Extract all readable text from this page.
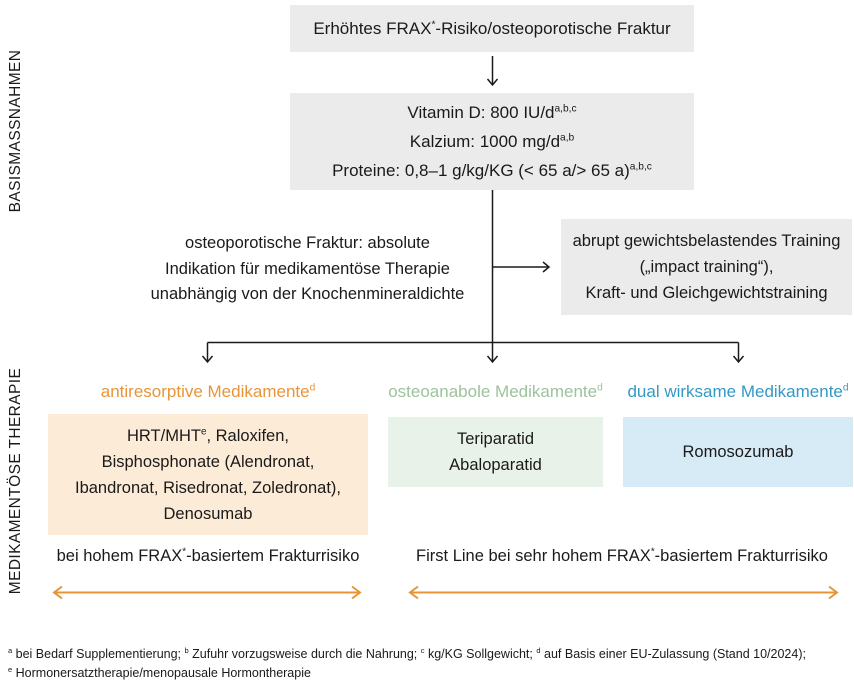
BASISMASSNAHMEN
MEDIKAMENTÖSE THERAPIE
Erhöhtes FRAX*-Risiko/osteoporotische Fraktur
Vitamin D: 800 $IU/d^{a,b,c}$
Kalzium: 1000 $mg/d^{a,b}$
Proteine: 0,8–1 g/kg/KG (< 65 a/> 65 a)$^{a,b,c}$
osteoporotische Fraktur: absolute
Indikation für medikamentöse Therapie
unabhängig von der Knochenmineraldichte
abrupt gewichtsbelastendes Training
(„impact training“),
Kraft- und Gleichgewichtstraining
antiresorptive Medikamente$^d$	osteoanabole Medikamente$^d$ dual wirksame Medikamente$^d$
HRT/MHT$^e$, Raloxifen,
Bisphosphonate (Alendronat,
Ibandronat, Risedronat, Zoledronat),
Denosumab
Teriparatid
Abaloparatid
Romosozumab
bei hohem FRAX*-basiertem Frakturrisiko	First Line bei sehr hohem FRAX*-basiertem Frakturrisiko
$^a$ bei Bedarf Supplementierung; $^b$ Zufuhr vorzugsweise durch die Nahrung; $^c$ kg/KG Sollgewicht; $^d$ auf Basis einer EU-Zulassung (Stand 10/2024);
$^e$ Hormonersatztherapie/menopausale Hormontherapie
